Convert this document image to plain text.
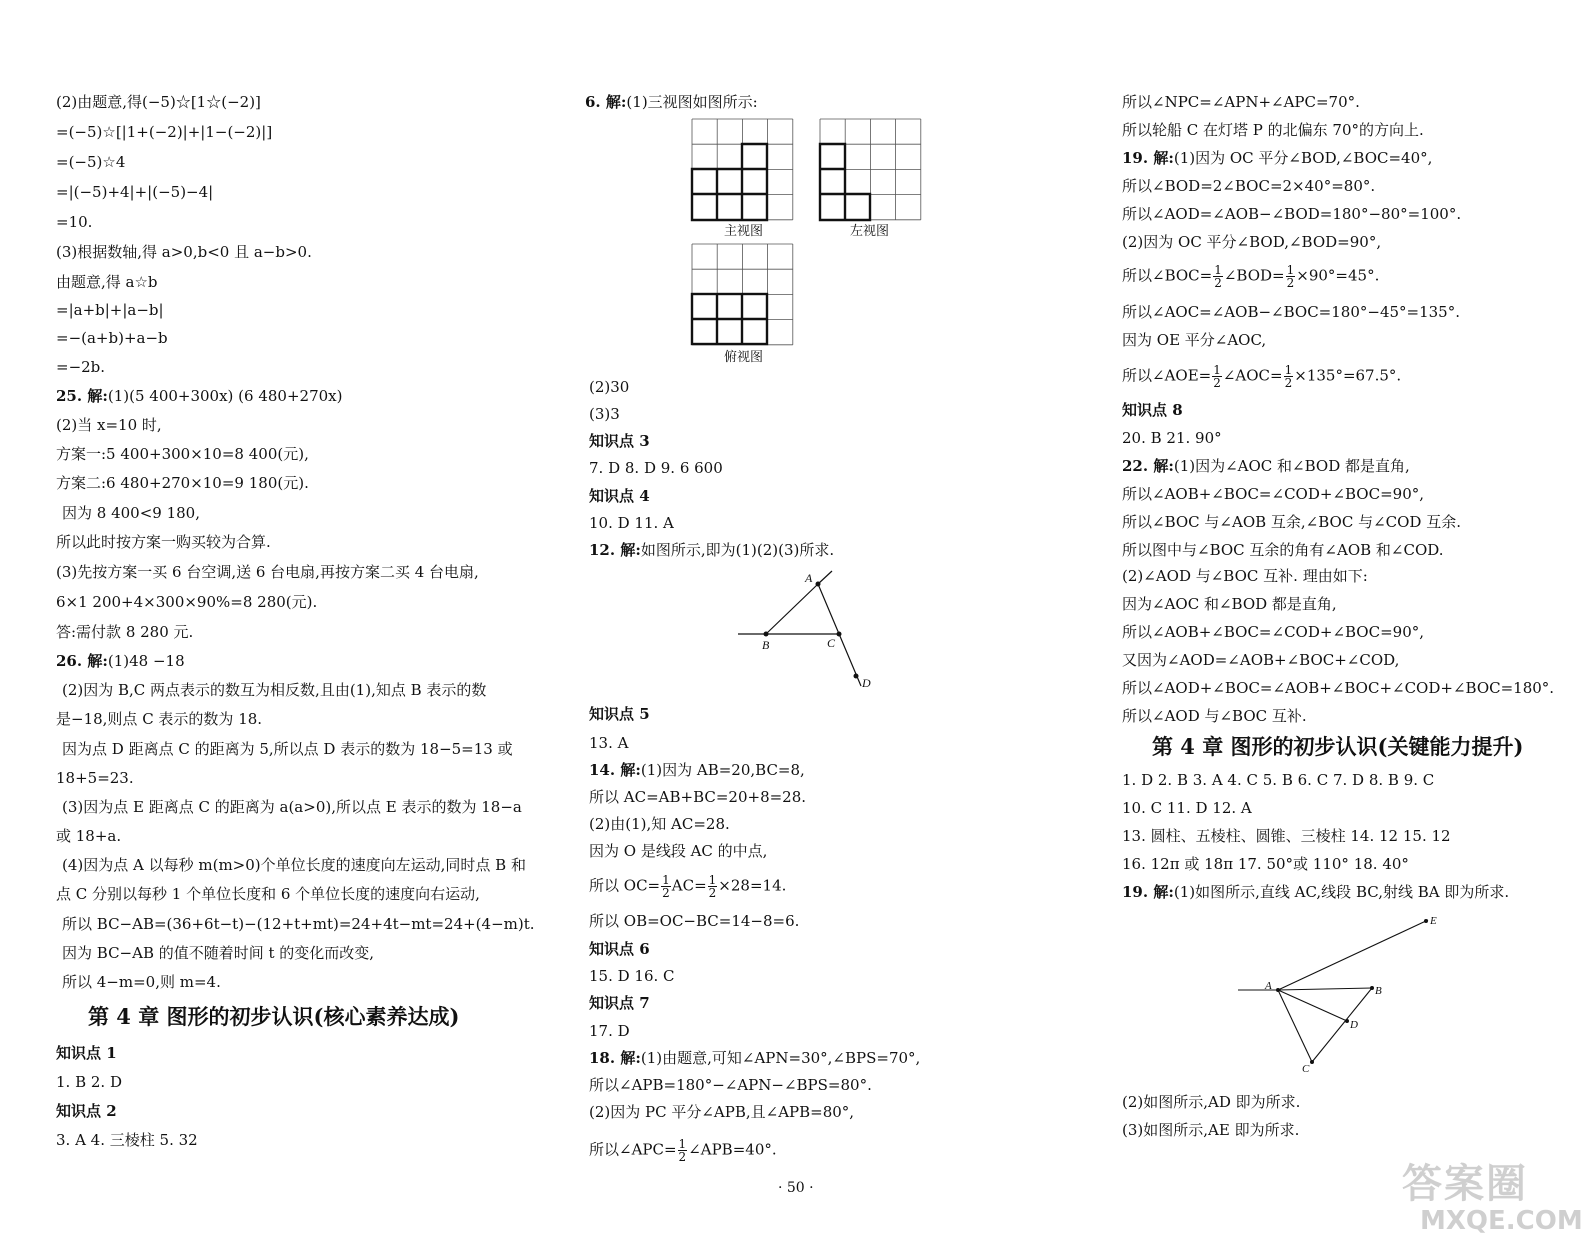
(2)由题意,得(−5)☆[1☆(−2)]
=(−5)☆[|1+(−2)|+|1−(−2)|]
=(−5)☆4
=|(−5)+4|+|(−5)−4|
=10.
(3)根据数轴,得 a>0,b<0 且 a−b>0.
由题意,得 a☆b
=|a+b|+|a−b|
=−(a+b)+a−b
=−2b.
25. 解:(1)(5 400+300x) (6 480+270x)
(2)当 x=10 时,
方案一:5 400+300×10=8 400(元),
方案二:6 480+270×10=9 180(元).
因为 8 400<9 180,
所以此时按方案一购买较为合算.
(3)先按方案一买 6 台空调,送 6 台电扇,再按方案二买 4 台电扇,
6×1 200+4×300×90%=8 280(元).
答:需付款 8 280 元.
26. 解:(1)48 −18
(2)因为 B,C 两点表示的数互为相反数,且由(1),知点 B 表示的数
是−18,则点 C 表示的数为 18.
因为点 D 距离点 C 的距离为 5,所以点 D 表示的数为 18−5=13 或
18+5=23.
(3)因为点 E 距离点 C 的距离为 a(a>0),所以点 E 表示的数为 18−a
或 18+a.
(4)因为点 A 以每秒 m(m>0)个单位长度的速度向左运动,同时点 B 和
点 C 分别以每秒 1 个单位长度和 6 个单位长度的速度向右运动,
所以 BC−AB=(36+6t−t)−(12+t+mt)=24+4t−mt=24+(4−m)t.
因为 BC−AB 的值不随着时间 t 的变化而改变,
所以 4−m=0,则 m=4.
知识点 1
1. B 2. D
知识点 2
3. A 4. 三棱柱 5. 32
6. 解:(1)三视图如图所示:
(2)30
(3)3
知识点 3
7. D 8. D 9. 6 600
知识点 4
10. D 11. A
12. 解:如图所示,即为(1)(2)(3)所求.
知识点 5
13. A
14. 解:(1)因为 AB=20,BC=8,
所以 AC=AB+BC=20+8=28.
(2)由(1),知 AC=28.
因为 O 是线段 AC 的中点,
所以 OB=OC−BC=14−8=6.
知识点 6
15. D 16. C
知识点 7
17. D
18. 解:(1)由题意,可知∠APN=30°,∠BPS=70°,
所以∠APB=180°−∠APN−∠BPS=80°.
(2)因为 PC 平分∠APB,且∠APB=80°,
所以∠NPC=∠APN+∠APC=70°.
所以轮船 C 在灯塔 P 的北偏东 70°的方向上.
19. 解:(1)因为 OC 平分∠BOD,∠BOC=40°,
所以∠BOD=2∠BOC=2×40°=80°.
所以∠AOD=∠AOB−∠BOD=180°−80°=100°.
(2)因为 OC 平分∠BOD,∠BOD=90°,
所以∠AOC=∠AOB−∠BOC=180°−45°=135°.
因为 OE 平分∠AOC,
知识点 8
20. B 21. 90°
22. 解:(1)因为∠AOC 和∠BOD 都是直角,
所以∠AOB+∠BOC=∠COD+∠BOC=90°,
所以∠BOC 与∠AOB 互余,∠BOC 与∠COD 互余.
所以图中与∠BOC 互余的角有∠AOB 和∠COD.
(2)∠AOD 与∠BOC 互补. 理由如下:
因为∠AOC 和∠BOD 都是直角,
所以∠AOB+∠BOC=∠COD+∠BOC=90°,
又因为∠AOD=∠AOB+∠BOC+∠COD,
所以∠AOD+∠BOC=∠AOB+∠BOC+∠COD+∠BOC=180°.
所以∠AOD 与∠BOC 互补.
1. D 2. B 3. A 4. C 5. B 6. C 7. D 8. B 9. C
10. C 11. D 12. A
13. 圆柱、五棱柱、圆锥、三棱柱 14. 12 15. 12
16. 12π 或 18π 17. 50°或 110° 18. 40°
19. 解:(1)如图所示,直线 AC,线段 BC,射线 BA 即为所求.
(2)如图所示,AD 即为所求.
(3)如图所示,AE 即为所求.
所以 $OC= \frac{1}{2} AC= \frac{1}{2} \times 28=14$.
所以∠APC= $\frac{1}{2}$ ∠APB=40°.
所以∠BOC= $\frac{1}{2}$ ∠BOD= $\frac{1}{2} \times 90^\circ=45^\circ$.
所以∠AOE= $\frac{1}{2}$ ∠AOC= $\frac{1}{2} \times 135^\circ=67.5^\circ$.
主视图	左视图
俯视图
A
B	C
D
A	B
D
C
E
第 4 章 图形的初步认识(核心素养达成)
第 4 章 图形的初步认识(关键能力提升)
· 50 ·	答案圈
MXQE.COM
